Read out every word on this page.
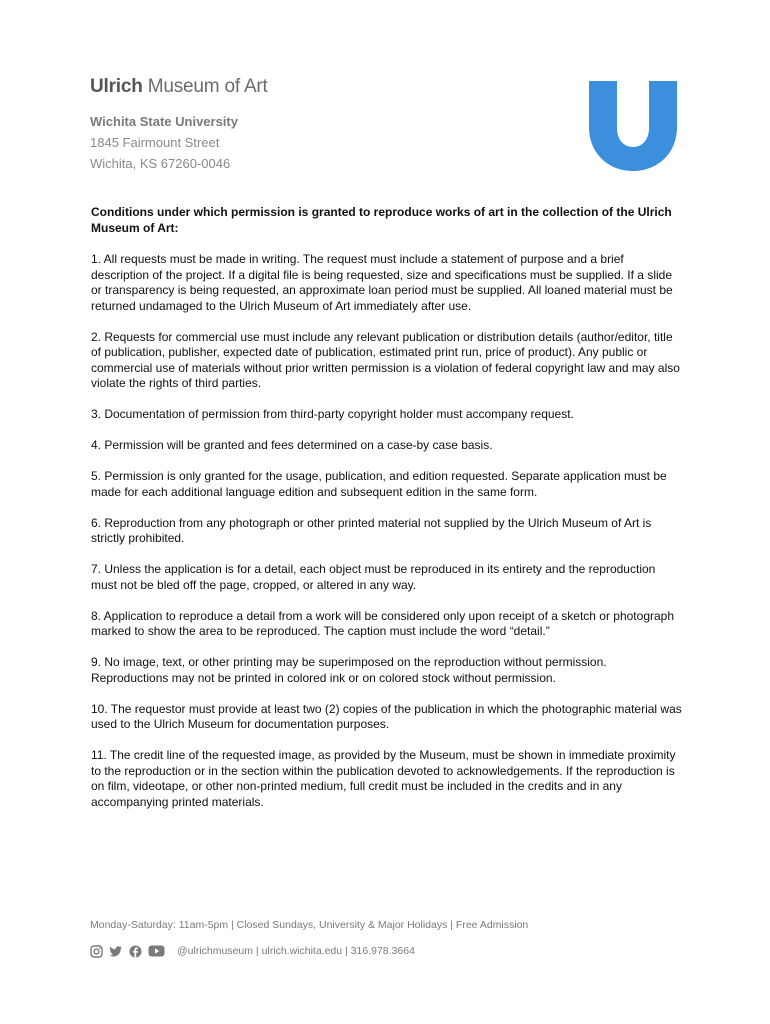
Ulrich Museum of Art
Wichita State University
1845 Fairmount Street
Wichita, KS 67260-0046
Conditions under which permission is granted to reproduce works of art in the collection of the Ulrich Museum of Art:

1. All requests must be made in writing. The request must include a statement of purpose and a brief description of the project. If a digital file is being requested, size and specifications must be supplied. If a slide or transparency is being requested, an approximate loan period must be supplied. All loaned material must be returned undamaged to the Ulrich Museum of Art immediately after use.

2. Requests for commercial use must include any relevant publication or distribution details (author/editor, title of publication, publisher, expected date of publication, estimated print run, price of product). Any public or commercial use of materials without prior written permission is a violation of federal copyright law and may also violate the rights of third parties.

3. Documentation of permission from third-party copyright holder must accompany request.

4. Permission will be granted and fees determined on a case-by case basis.

5. Permission is only granted for the usage, publication, and edition requested. Separate application must be made for each additional language edition and subsequent edition in the same form.

6. Reproduction from any photograph or other printed material not supplied by the Ulrich Museum of Art is strictly prohibited.

7. Unless the application is for a detail, each object must be reproduced in its entirety and the reproduction must not be bled off the page, cropped, or altered in any way.

8. Application to reproduce a detail from a work will be considered only upon receipt of a sketch or photograph marked to show the area to be reproduced. The caption must include the word “detail.”

9. No image, text, or other printing may be superimposed on the reproduction without permission. Reproductions may not be printed in colored ink or on colored stock without permission.

10. The requestor must provide at least two (2) copies of the publication in which the photographic material was used to the Ulrich Museum for documentation purposes.

11. The credit line of the requested image, as provided by the Museum, must be shown in immediate proximity to the reproduction or in the section within the publication devoted to acknowledgements. If the reproduction is on film, videotape, or other non-printed medium, full credit must be included in the credits and in any accompanying printed materials.

Monday-Saturday: 11am-5pm | Closed Sundays, University & Major Holidays | Free Admission
@ulrichmuseum | ulrich.wichita.edu | 316.978.3664
